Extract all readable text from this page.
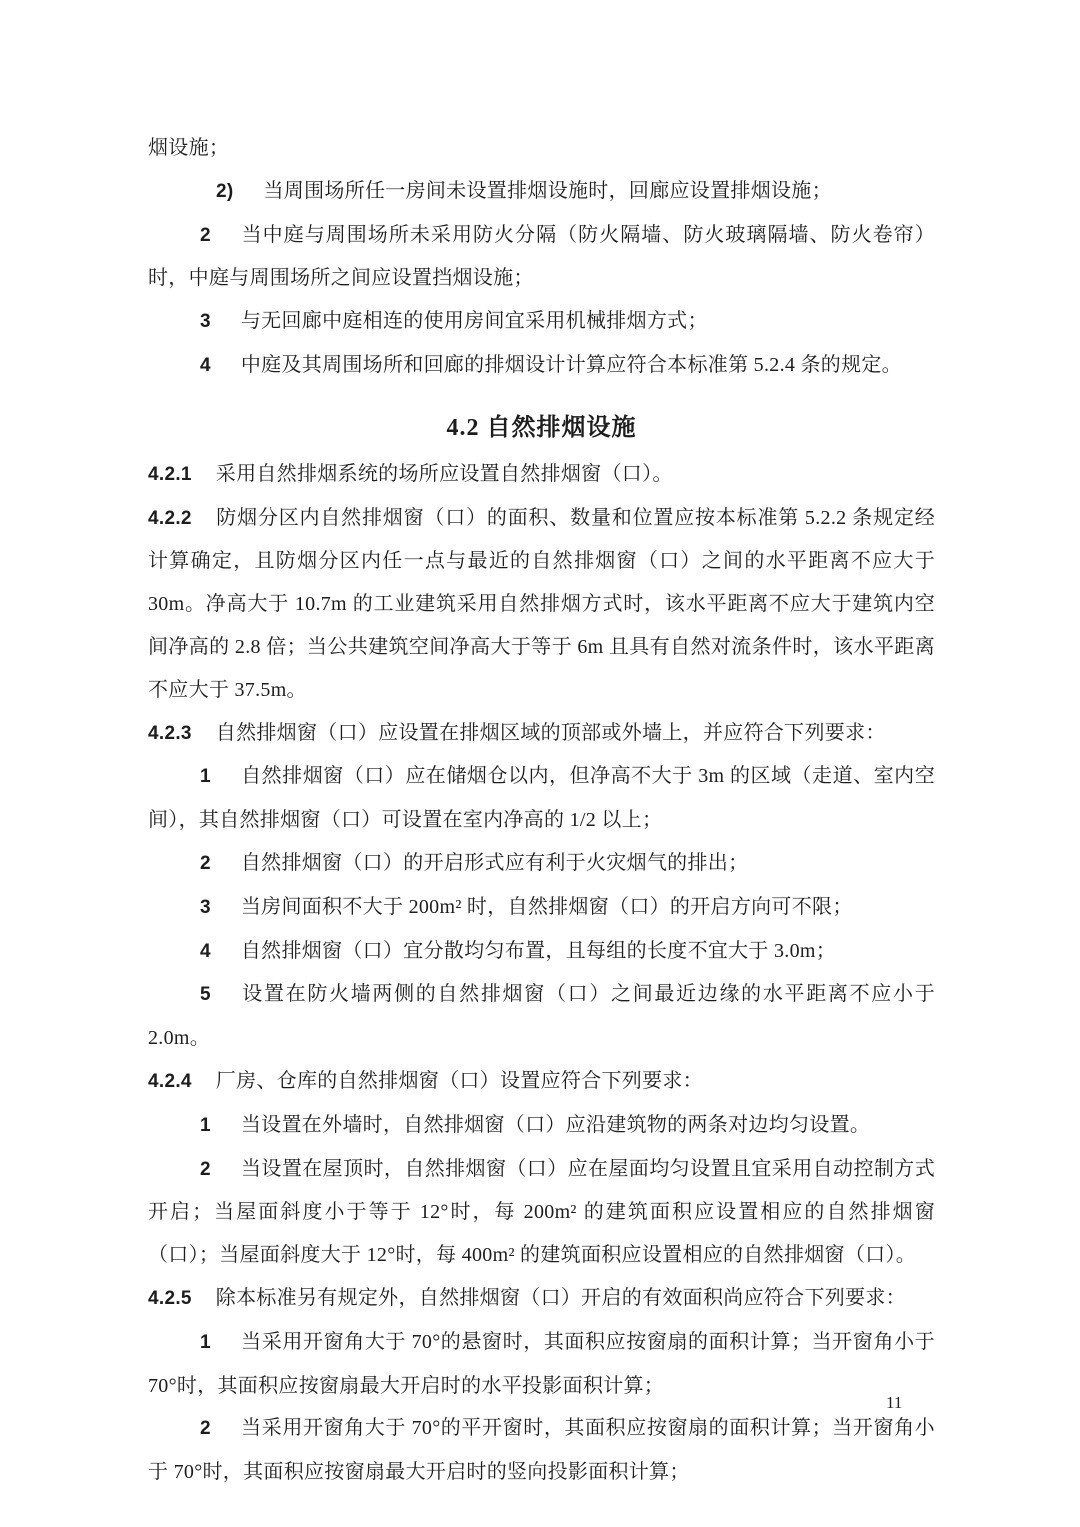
烟设施；

2) 当周围场所任一房间未设置排烟设施时，回廊应设置排烟设施；

2 当中庭与周围场所未采用防火分隔（防火隔墙、防火玻璃隔墙、防火卷帘）时，中庭与周围场所之间应设置挡烟设施；

3 与无回廊中庭相连的使用房间宜采用机械排烟方式；

4 中庭及其周围场所和回廊的排烟设计计算应符合本标准第 5.2.4 条的规定。

4.2 自然排烟设施

4.2.1 采用自然排烟系统的场所应设置自然排烟窗（口）。

4.2.2 防烟分区内自然排烟窗（口）的面积、数量和位置应按本标准第 5.2.2 条规定经计算确定，且防烟分区内任一点与最近的自然排烟窗（口）之间的水平距离不应大于 30m。净高大于 10.7m 的工业建筑采用自然排烟方式时，该水平距离不应大于建筑内空间净高的 2.8 倍；当公共建筑空间净高大于等于 6m 且具有自然对流条件时，该水平距离不应大于 37.5m。

4.2.3 自然排烟窗（口）应设置在排烟区域的顶部或外墙上，并应符合下列要求：

1 自然排烟窗（口）应在储烟仓以内，但净高不大于 3m 的区域（走道、室内空间），其自然排烟窗（口）可设置在室内净高的 1/2 以上；

2 自然排烟窗（口）的开启形式应有利于火灾烟气的排出；

3 当房间面积不大于 200m² 时，自然排烟窗（口）的开启方向可不限；

4 自然排烟窗（口）宜分散均匀布置，且每组的长度不宜大于 3.0m；

5 设置在防火墙两侧的自然排烟窗（口）之间最近边缘的水平距离不应小于 2.0m。

4.2.4 厂房、仓库的自然排烟窗（口）设置应符合下列要求：

1 当设置在外墙时，自然排烟窗（口）应沿建筑物的两条对边均匀设置。

2 当设置在屋顶时，自然排烟窗（口）应在屋面均匀设置且宜采用自动控制方式开启；当屋面斜度小于等于 12°时，每 200m² 的建筑面积应设置相应的自然排烟窗（口）；当屋面斜度大于 12°时，每 400m² 的建筑面积应设置相应的自然排烟窗（口）。

4.2.5 除本标准另有规定外，自然排烟窗（口）开启的有效面积尚应符合下列要求：

1 当采用开窗角大于 70°的悬窗时，其面积应按窗扇的面积计算；当开窗角小于 70°时，其面积应按窗扇最大开启时的水平投影面积计算；

2 当采用开窗角大于 70°的平开窗时，其面积应按窗扇的面积计算；当开窗角小于 70°时，其面积应按窗扇最大开启时的竖向投影面积计算；

11
